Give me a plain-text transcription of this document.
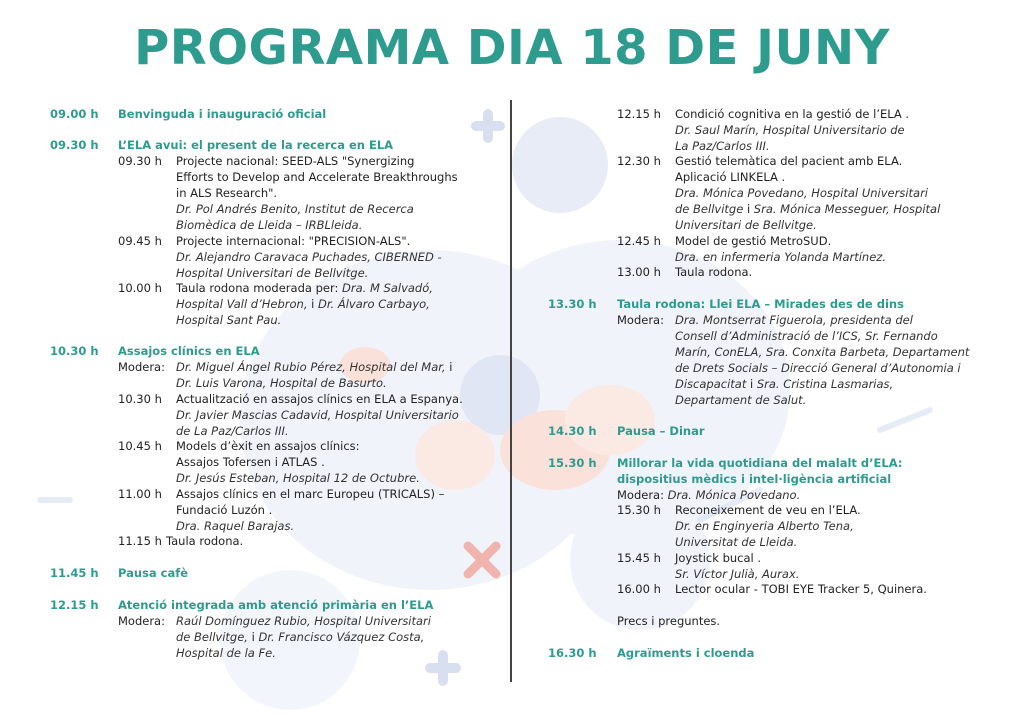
PROGRAMA DIA 18 DE JUNY
09.00 h Benvinguda i inauguració oficial
09.30 h L’ELA avui: el present de la recerca en ELA
09.30 h Projecte nacional: SEED-ALS "Synergizing
Efforts to Develop and Accelerate Breakthroughs
in ALS Research".
Dr. Pol Andrés Benito, Institut de Recerca
Biomèdica de Lleida – IRBLleida.
09.45 h Projecte internacional: "PRECISION-ALS".
Dr. Alejandro Caravaca Puchades, CIBERNED -
Hospital Universitari de Bellvitge.
10.00 h Taula rodona moderada per: Dra. M Salvadó,
Hospital Vall d’Hebron, i Dr. Álvaro Carbayo,
Hospital Sant Pau.
10.30 h Assajos clínics en ELA
Modera: Dr. Miguel Ángel Rubio Pérez, Hospital del Mar, i
Dr. Luis Varona, Hospital de Basurto.
10.30 h Actualització en assajos clínics en ELA a Espanya.
Dr. Javier Mascias Cadavid, Hospital Universitario
de La Paz/Carlos III.
10.45 h Models d’èxit en assajos clínics:
Assajos Tofersen i ATLAS .
Dr. Jesús Esteban, Hospital 12 de Octubre.
11.00 h Assajos clínics en el marc Europeu (TRICALS) –
Fundació Luzón .
Dra. Raquel Barajas.
11.15 h Taula rodona.
11.45 h Pausa cafè
12.15 h Atenció integrada amb atenció primària en l’ELA
Modera: Raúl Domínguez Rubio, Hospital Universitari
de Bellvitge, i Dr. Francisco Vázquez Costa,
Hospital de la Fe.
12.15 h Condició cognitiva en la gestió de l’ELA .
Dr. Saul Marín, Hospital Universitario de
La Paz/Carlos III.
12.30 h Gestió telemàtica del pacient amb ELA.
Aplicació LINKELA .
Dra. Mónica Povedano, Hospital Universitari
de Bellvitge i Sra. Mónica Messeguer, Hospital
Universitari de Bellvitge.
12.45 h Model de gestió MetroSUD.
Dra. en infermeria Yolanda Martínez.
13.00 h Taula rodona.
13.30 h Taula rodona: Llei ELA – Mirades des de dins
Modera: Dra. Montserrat Figuerola, presidenta del
Consell d’Administració de l’ICS, Sr. Fernando
Marín, ConELA, Sra. Conxita Barbeta, Departament
de Drets Socials – Direcció General d’Autonomia i
Discapacitat i Sra. Cristina Lasmarias,
Departament de Salut.
14.30 h Pausa – Dinar
15.30 h Millorar la vida quotidiana del malalt d’ELA:
dispositius mèdics i intel·ligència artificial
Modera: Dra. Mónica Povedano.
15.30 h Reconeixement de veu en l’ELA.
Dr. en Enginyeria Alberto Tena,
Universitat de Lleida.
15.45 h Joystick bucal .
Sr. Víctor Julià, Aurax.
16.00 h Lector ocular - TOBI EYE Tracker 5, Quinera.
Precs i preguntes.
16.30 h Agraïments i cloenda
